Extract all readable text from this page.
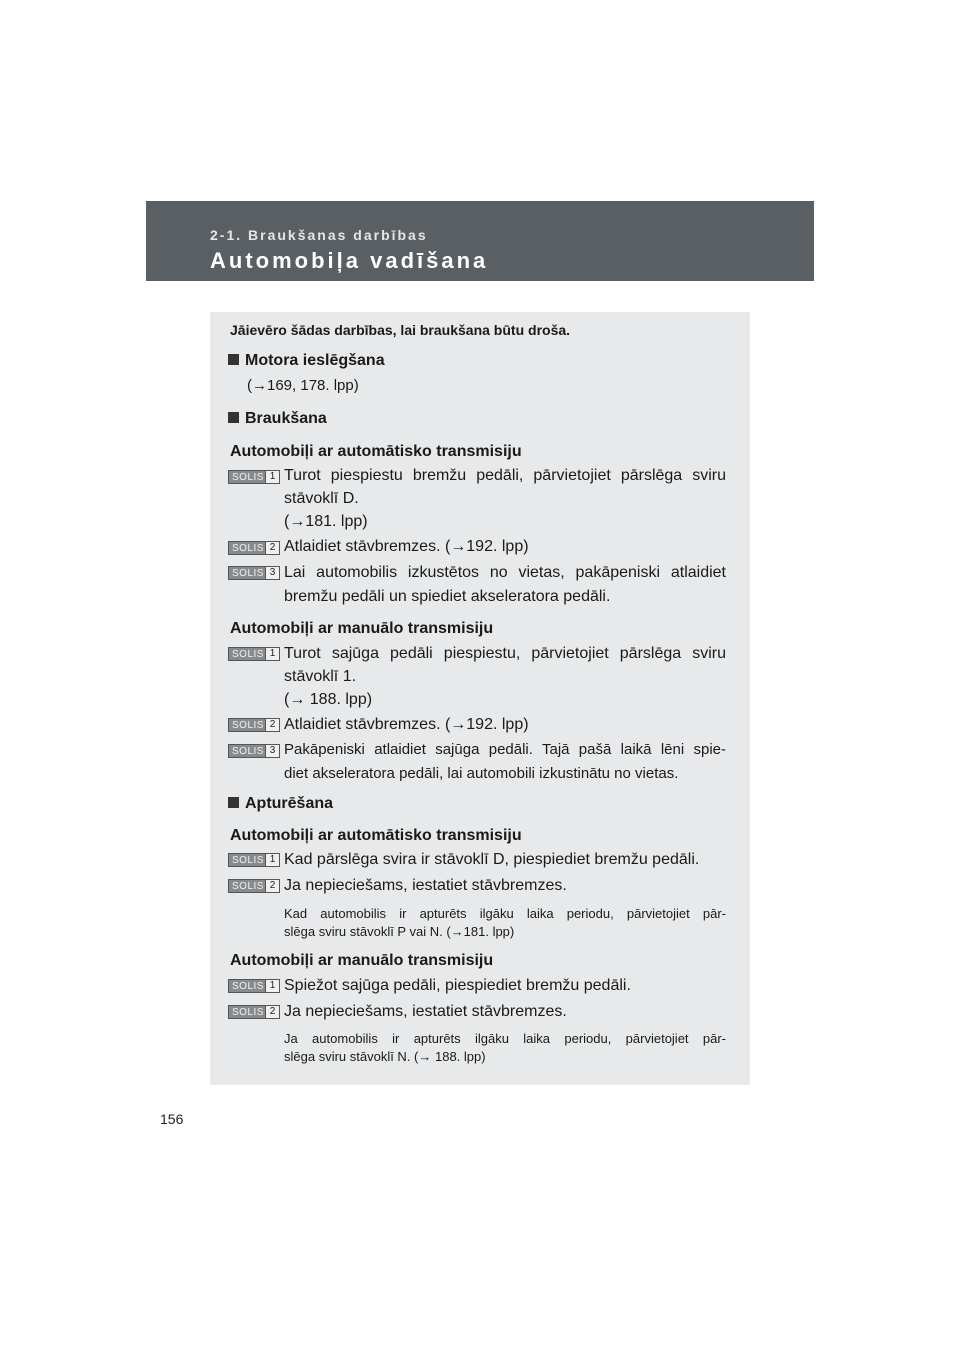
2-1. Braukšanas darbības
Automobiļa vadīšana
Jāievēro šādas darbības, lai braukšana būtu droša.
Motora ieslēgšana
(→169, 178. lpp)
Braukšana
Automobiļi ar automātisko transmisiju
SOLIS 1 Turot piespiestu bremžu pedāli, pārvietojiet pārslēga sviru
stāvoklī D.
(→181. lpp)
SOLIS 2 Atlaidiet stāvbremzes. (→192. lpp)
SOLIS 3 Lai automobilis izkustētos no vietas, pakāpeniski atlaidiet
bremžu pedāli un spiediet akseleratora pedāli.
Automobiļi ar manuālo transmisiju
SOLIS 1 Turot sajūga pedāli piespiestu, pārvietojiet pārslēga sviru
stāvoklī 1.
(→ 188. lpp)
SOLIS 2 Atlaidiet stāvbremzes. (→192. lpp)
SOLIS 3 Pakāpeniski atlaidiet sajūga pedāli. Tajā pašā laikā lēni spie-
diet akseleratora pedāli, lai automobili izkustinātu no vietas.
Apturēšana
Automobiļi ar automātisko transmisiju
SOLIS 1 Kad pārslēga svira ir stāvoklī D, piespiediet bremžu pedāli.
SOLIS 2 Ja nepieciešams, iestatiet stāvbremzes.
Kad automobilis ir apturēts ilgāku laika periodu, pārvietojiet pār-
slēga sviru stāvoklī P vai N. (→181. lpp)
Automobiļi ar manuālo transmisiju
SOLIS 1 Spiežot sajūga pedāli, piespiediet bremžu pedāli.
SOLIS 2 Ja nepieciešams, iestatiet stāvbremzes.
Ja automobilis ir apturēts ilgāku laika periodu, pārvietojiet pār-
slēga sviru stāvoklī N. (→ 188. lpp)
156
